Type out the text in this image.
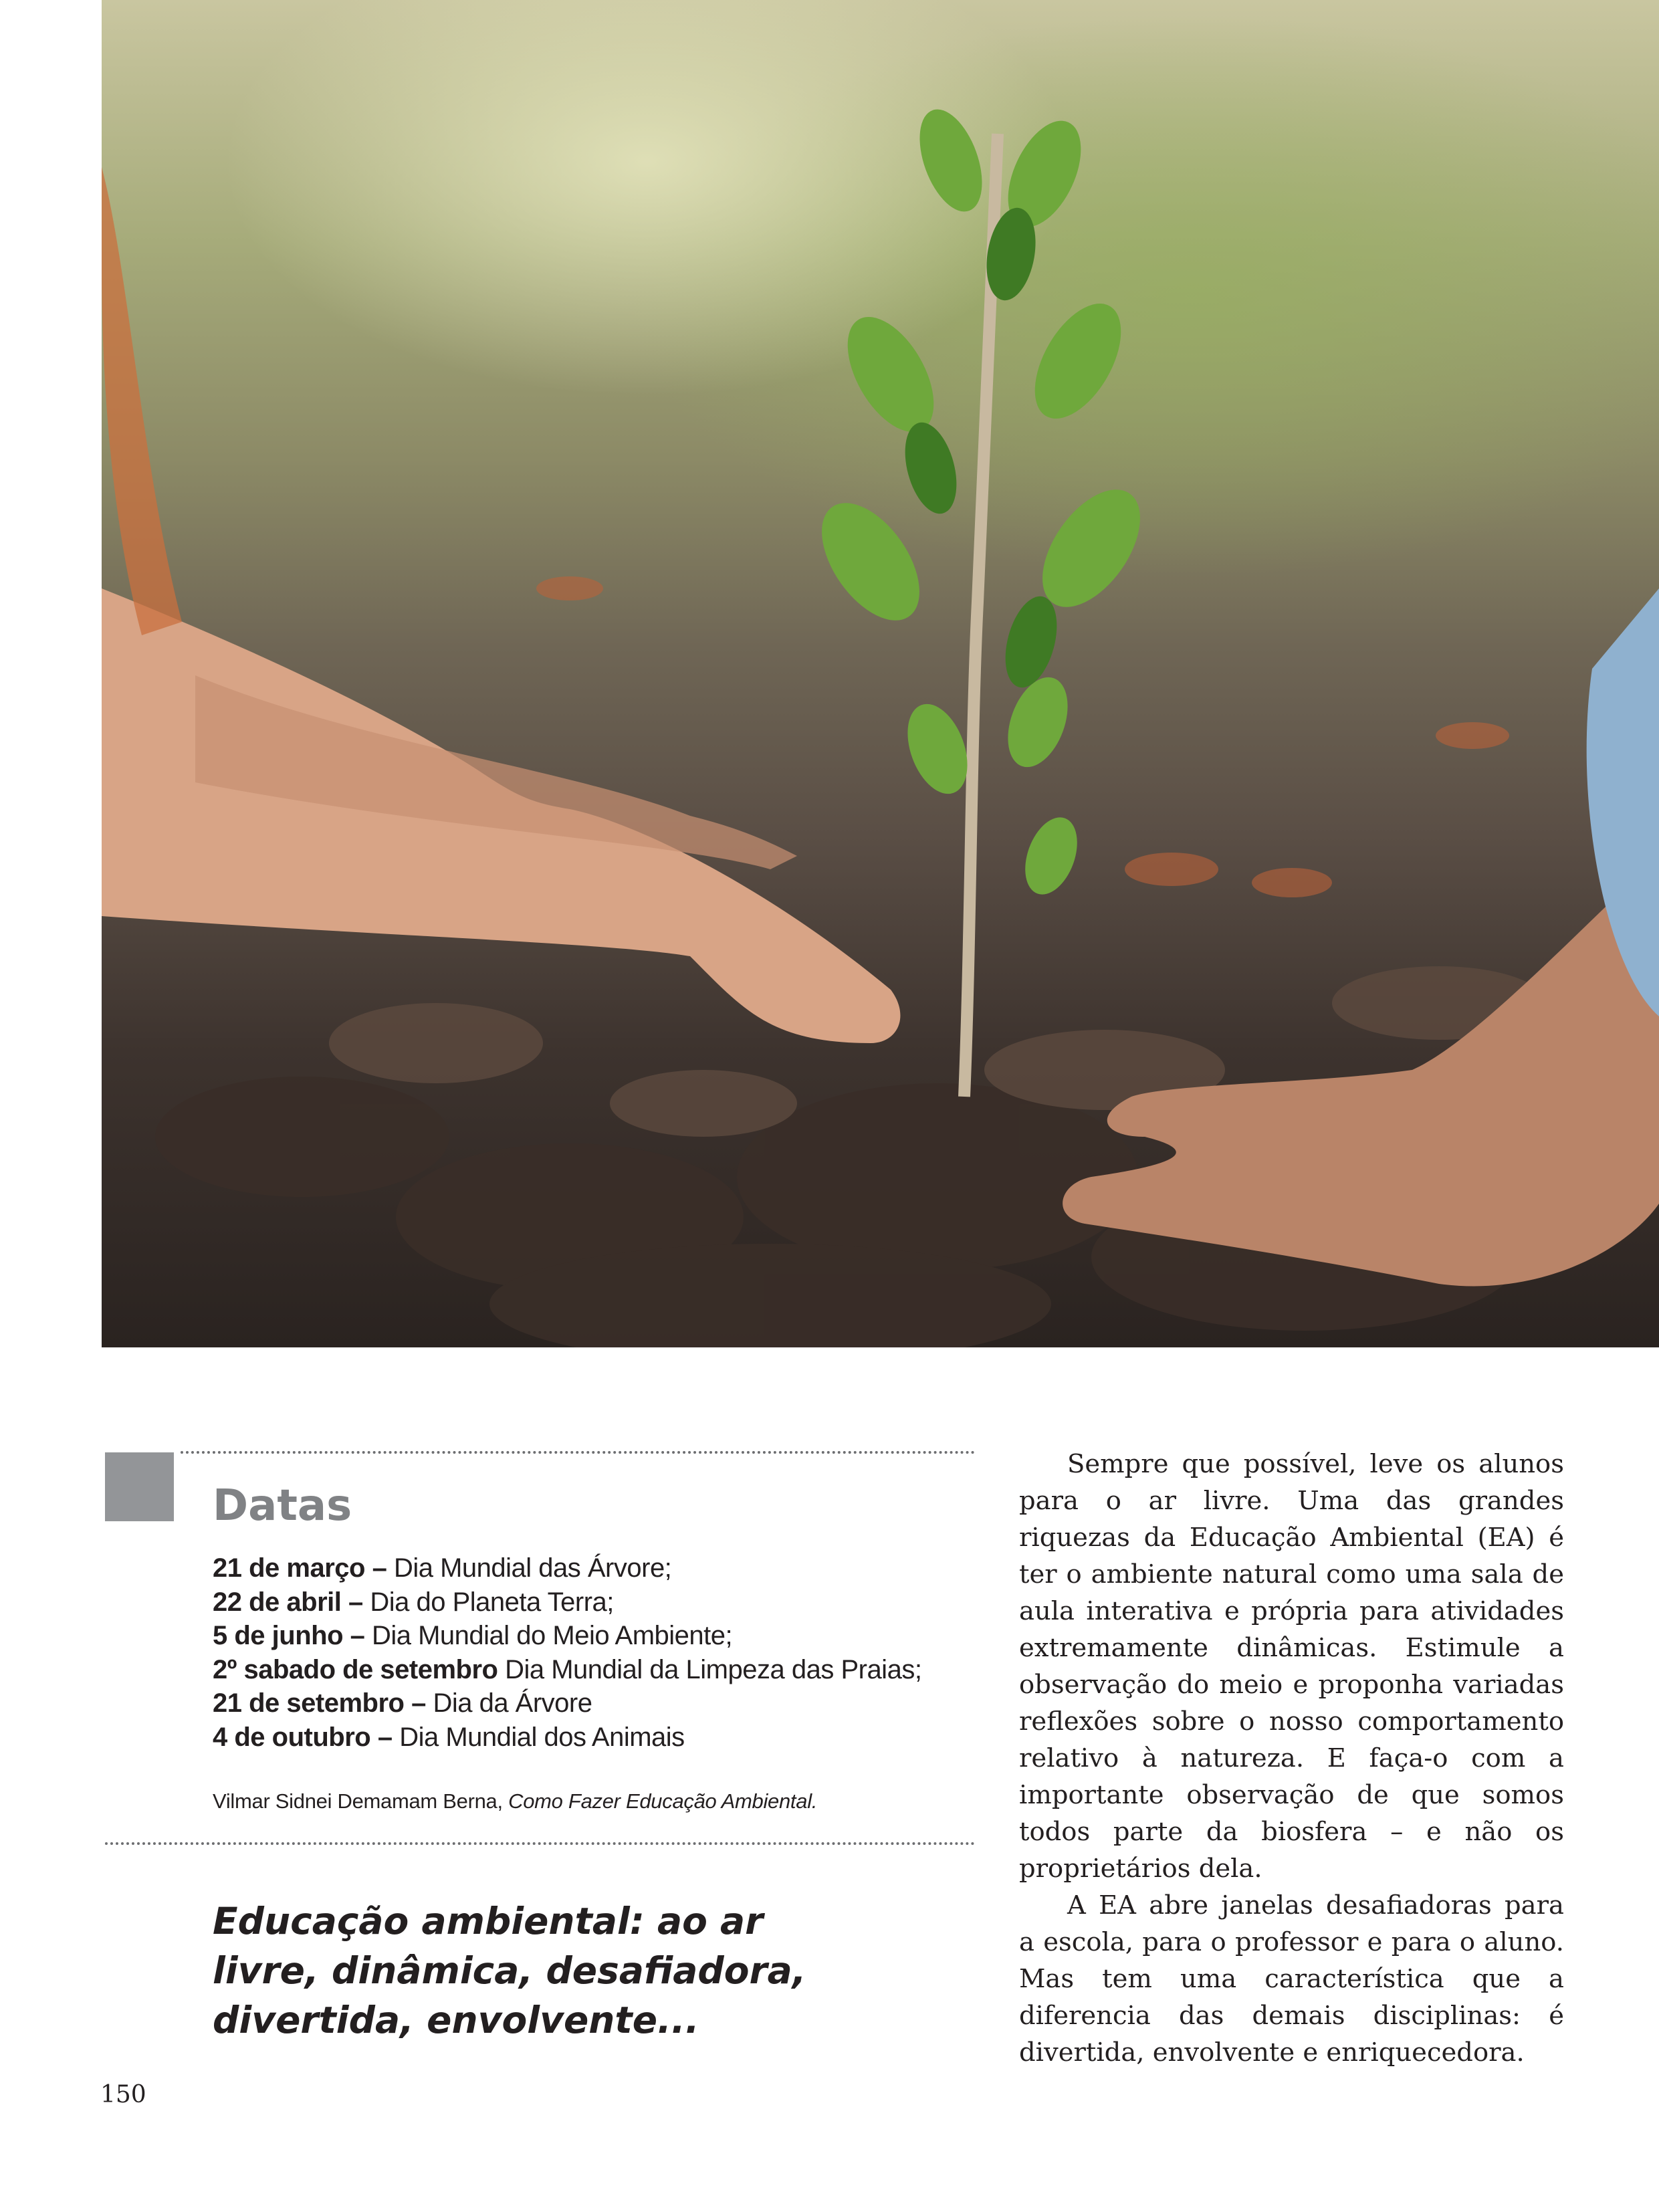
Datas
21 de março – Dia Mundial das Árvore;
22 de abril – Dia do Planeta Terra;
5 de junho – Dia Mundial do Meio Ambiente;
2º sabado de setembro Dia Mundial da Limpeza das Praias;
21 de setembro – Dia da Árvore
4 de outubro – Dia Mundial dos Animais
Vilmar Sidnei Demamam Berna, Como Fazer Educação Ambiental.
Educação ambiental: ao ar livre, dinâmica, desafiadora, divertida, envolvente...

Sempre que possível, leve os alunos para o ar livre. Uma das grandes riquezas da Educação Ambiental (EA) é ter o ambiente natural como uma sala de aula interativa e própria para atividades extremamente dinâmicas. Estimule a observação do meio e proponha variadas reflexões sobre o nosso comportamento relativo à natureza. E faça-o com a importante observação de que somos todos parte da biosfera – e não os proprietários dela.

A EA abre janelas desafiadoras para a escola, para o professor e para o aluno. Mas tem uma característica que a diferencia das demais disciplinas: é divertida, envolvente e enriquecedora.

150
